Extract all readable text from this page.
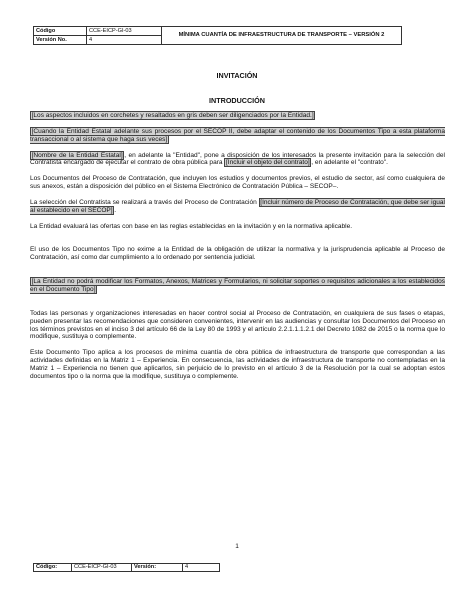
Código	CCE-EICP-GI-03	MÍNIMA CUANTÍA DE INFRAESTRUCTURA DE TRANSPORTE – VERSIÓN 2
Versión No.	4	
INVITACIÓN
INTRODUCCIÓN

[Los aspectos incluidos en corchetes y resaltados en gris deben ser diligenciados por la Entidad.]

[Cuando la Entidad Estatal adelante sus procesos por el SECOP II, debe adaptar el contenido de los Documentos Tipo a esta plataforma transaccional o al sistema que haga sus veces]

[Nombre de la Entidad Estatal] , en adelante la "Entidad", pone a disposición de los interesados la presente invitación para la selección del Contratista encargado de ejecutar el contrato de obra pública para [Incluir el objeto del contrato] , en adelante el "contrato".

Los Documentos del Proceso de Contratación, que incluyen los estudios y documentos previos, el estudio de sector, así como cualquiera de sus anexos, están a disposición del público en el Sistema Electrónico de Contratación Pública – SECOP–.

La selección del Contratista se realizará a través del Proceso de Contratación [Incluir número de Proceso de Contratación, que debe ser igual al establecido en el SECOP] .

La Entidad evaluará las ofertas con base en las reglas establecidas en la invitación y en la normativa aplicable.

El uso de los Documentos Tipo no exime a la Entidad de la obligación de utilizar la normativa y la jurisprudencia aplicable al Proceso de Contratación, así como dar cumplimiento a lo ordenado por sentencia judicial.

[La Entidad no podrá modificar los Formatos, Anexos, Matrices y Formularios, ni solicitar soportes o requisitos adicionales a los establecidos en el Documento Tipo]

Todas las personas y organizaciones interesadas en hacer control social al Proceso de Contratación, en cualquiera de sus fases o etapas, pueden presentar las recomendaciones que consideren convenientes, intervenir en las audiencias y consultar los Documentos del Proceso en los términos previstos en el inciso 3 del artículo 66 de la Ley 80 de 1993 y el artículo 2.2.1.1.1.2.1 del Decreto 1082 de 2015 o la norma que lo modifique, sustituya o complemente.

Este Documento Tipo aplica a los procesos de mínima cuantía de obra pública de infraestructura de transporte que correspondan a las actividades definidas en la Matriz 1 – Experiencia. En consecuencia, las actividades de infraestructura de transporte no contempladas en la Matriz 1 – Experiencia no tienen que aplicarlos, sin perjuicio de lo previsto en el artículo 3 de la Resolución por la cual se adoptan estos documentos tipo o la norma que la modifique, sustituya o complemente.

1
Código:	CCE-EICP-GI-03	Versión:	4
